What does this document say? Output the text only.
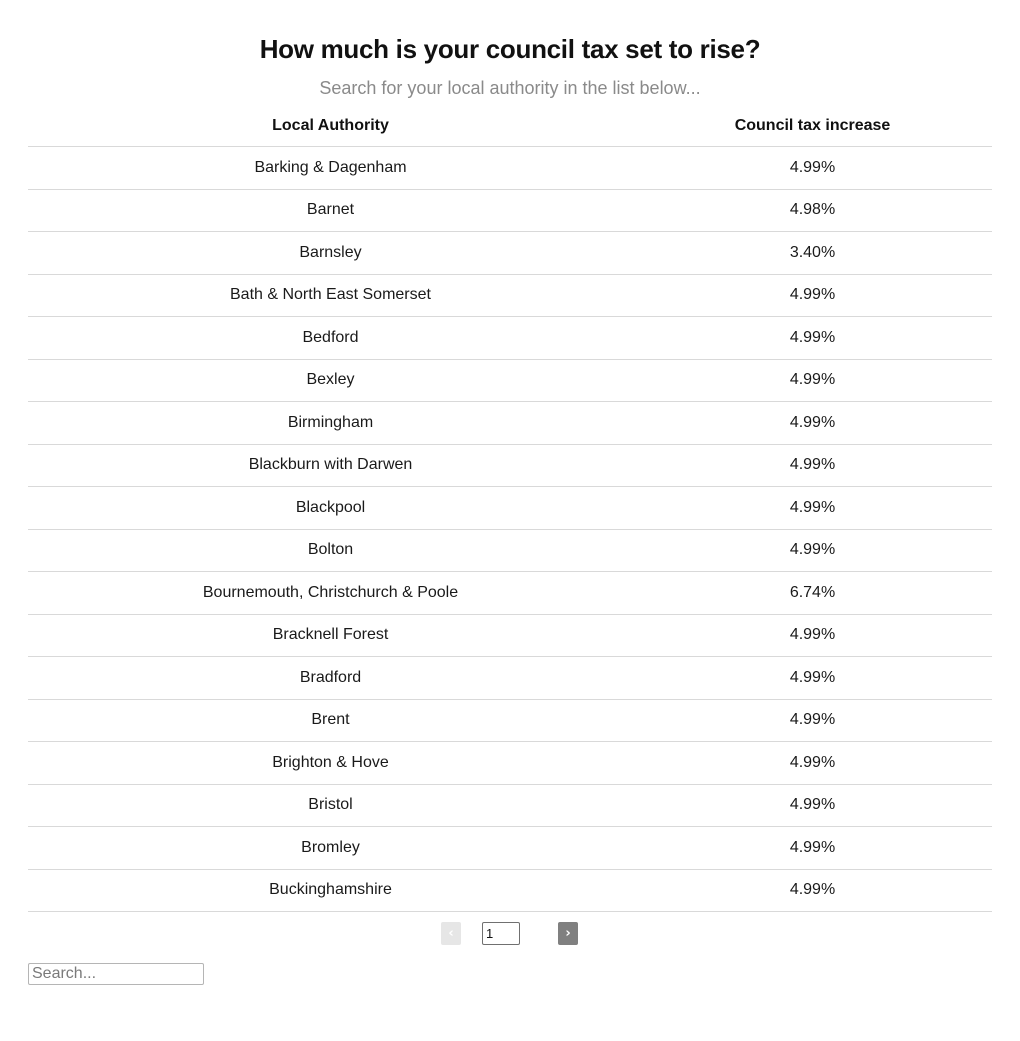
How much is your council tax set to rise?
Search for your local authority in the list below...
Local Authority	Council tax increase
Barking & Dagenham	4.99%
Barnet	4.98%
Barnsley	3.40%
Bath & North East Somerset	4.99%
Bedford	4.99%
Bexley	4.99%
Birmingham	4.99%
Blackburn with Darwen	4.99%
Blackpool	4.99%
Bolton	4.99%
Bournemouth, Christchurch & Poole	6.74%
Bracknell Forest	4.99%
Bradford	4.99%
Brent	4.99%
Brighton & Hove	4.99%
Bristol	4.99%
Bromley	4.99%
Buckinghamshire	4.99%
‹
1	›
Search...
